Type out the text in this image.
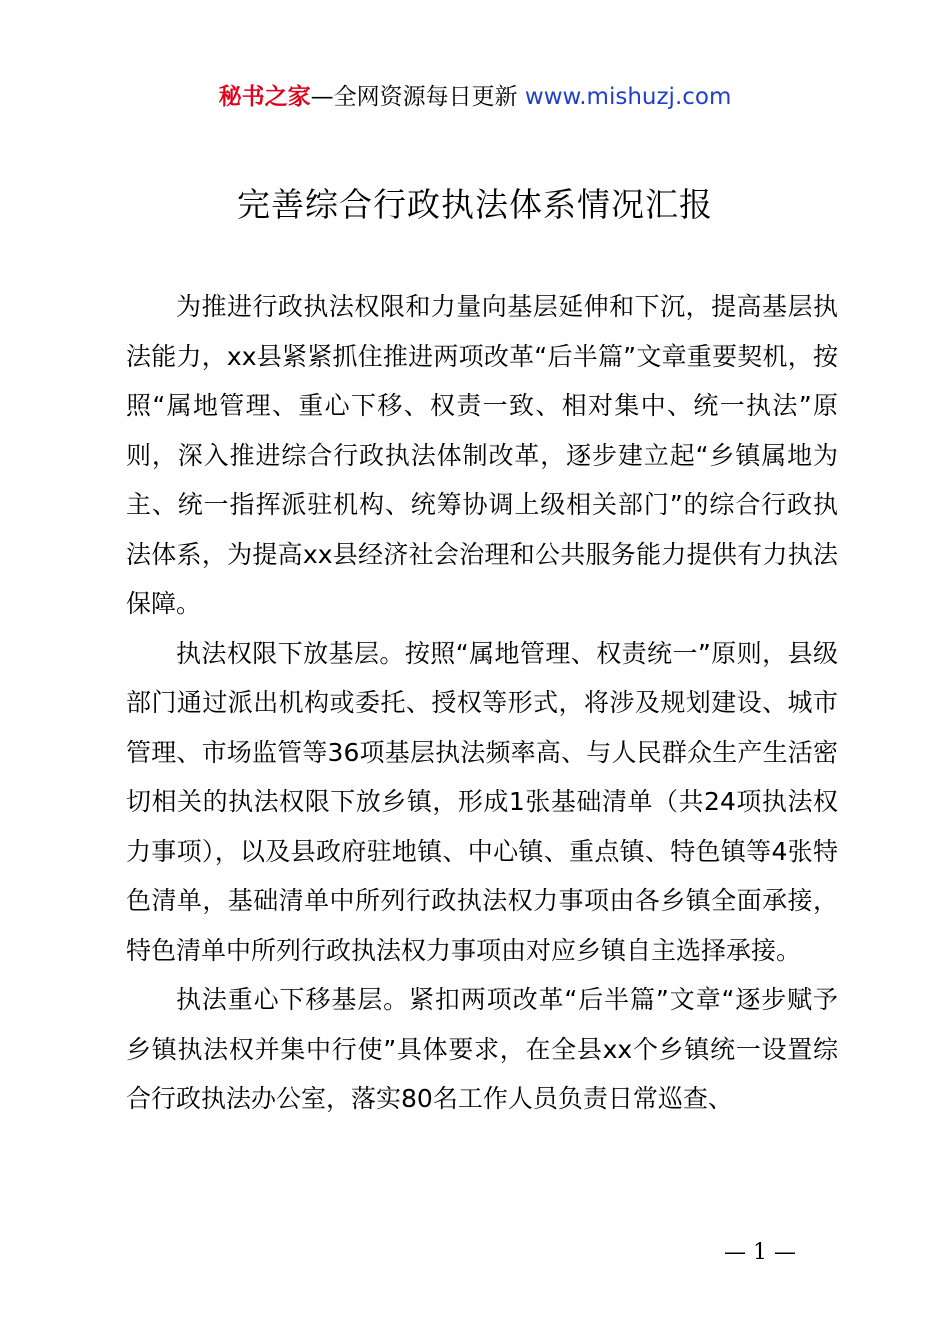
秘书之家—全网资源每日更新 www.mishuzj.com
完善综合行政执法体系情况汇报

为推进行政执法权限和力量向基层延伸和下沉，提高基层执法能力，xx县紧紧抓住推进两项改革“后半篇”文章重要契机，按照“属地管理、重心下移、权责一致、相对集中、统一执法”原则，深入推进综合行政执法体制改革，逐步建立起“乡镇属地为主、统一指挥派驻机构、统筹协调上级相关部门”的综合行政执法体系，为提高xx县经济社会治理和公共服务能力提供有力执法保障。

执法权限下放基层。按照“属地管理、权责统一”原则，县级部门通过派出机构或委托、授权等形式，将涉及规划建设、城市管理、市场监管等36项基层执法频率高、与人民群众生产生活密切相关的执法权限下放乡镇，形成1张基础清单（共24项执法权力事项），以及县政府驻地镇、中心镇、重点镇、特色镇等4张特色清单，基础清单中所列行政执法权力事项由各乡镇全面承接，特色清单中所列行政执法权力事项由对应乡镇自主选择承接。

执法重心下移基层。紧扣两项改革“后半篇”文章“逐步赋予乡镇执法权并集中行使”具体要求，在全县xx个乡镇统一设置综合行政执法办公室，落实80名工作人员负责日常巡查、

— 1 —
